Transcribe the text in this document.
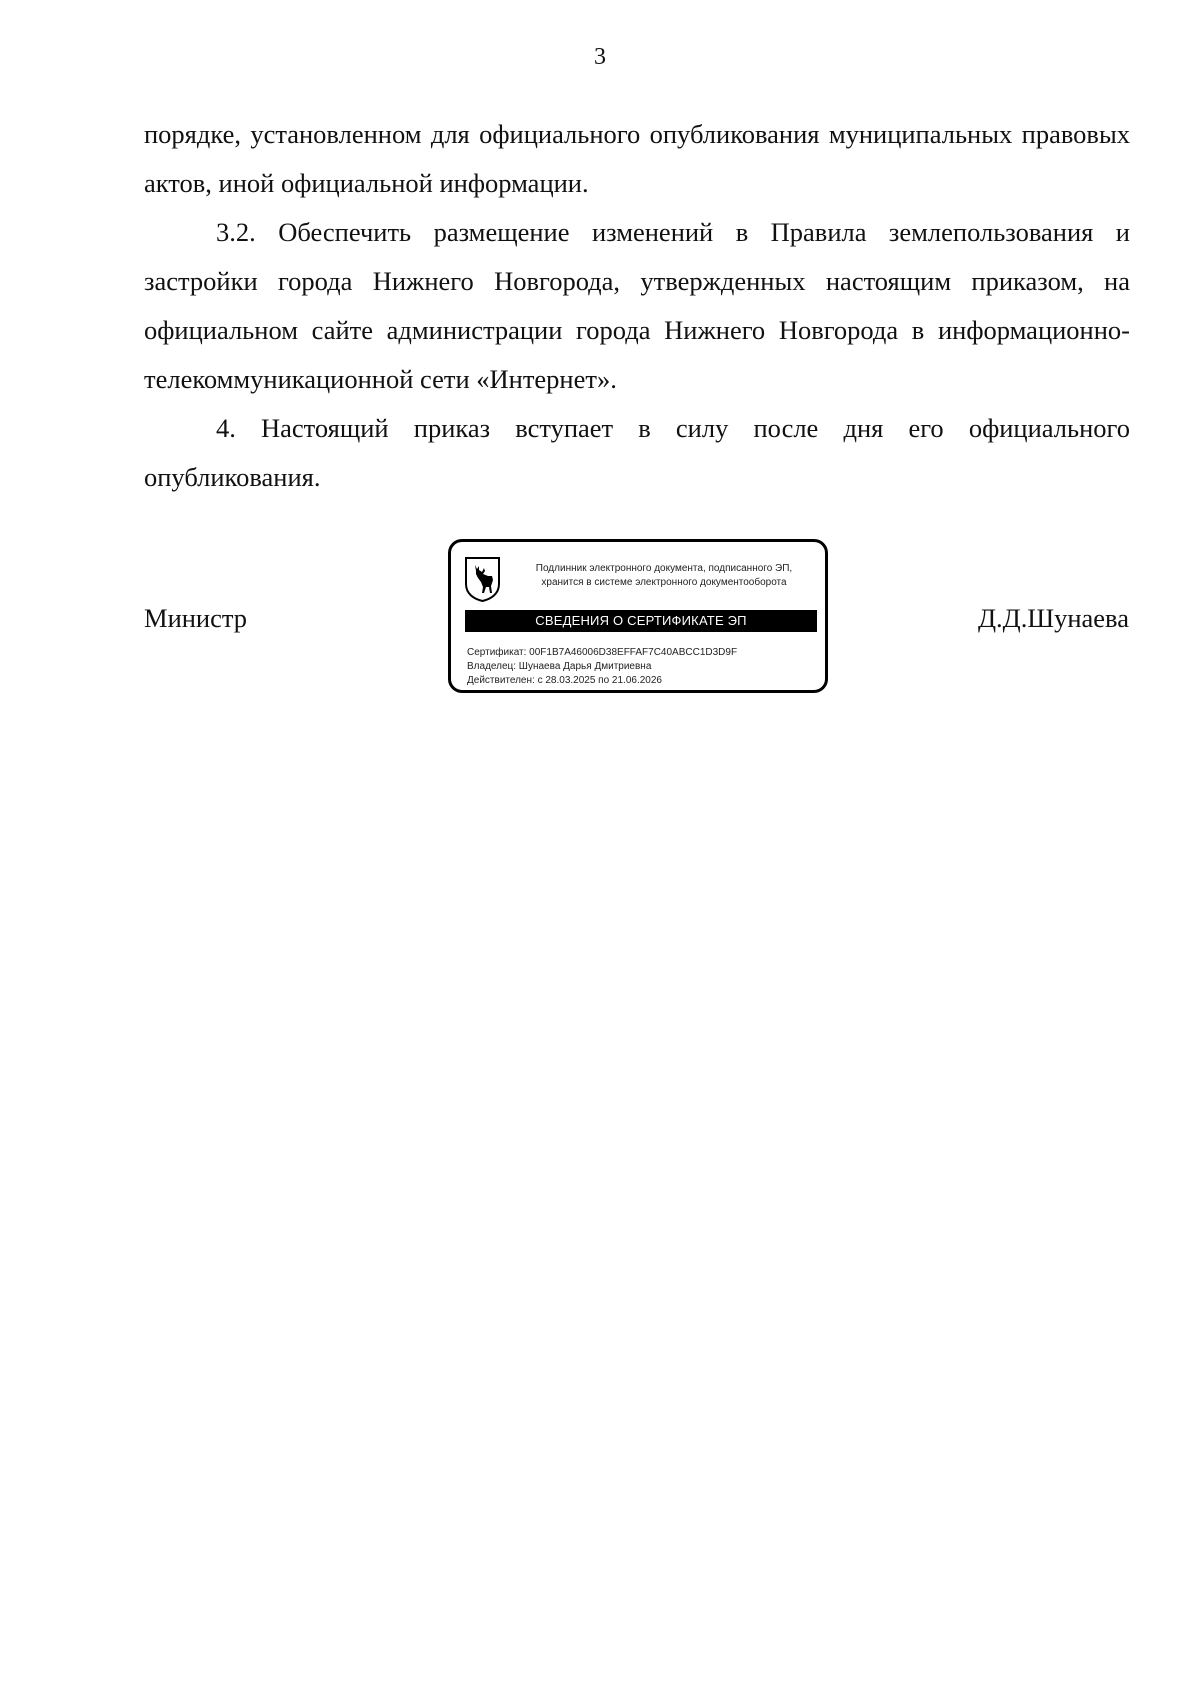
3

порядке, установленном для официального опубликования муниципальных правовых актов, иной официальной информации.

3.2. Обеспечить размещение изменений в Правила землепользования и застройки города Нижнего Новгорода, утвержденных настоящим приказом, на официальном сайте администрации города Нижнего Новгорода в информационно-телекоммуникационной сети «Интернет».

4. Настоящий приказ вступает в силу после дня его официального опубликования.

Министр
Подлинник электронного документа, подписанного ЭП,
хранится в системе электронного документооборота
СВЕДЕНИЯ О СЕРТИФИКАТЕ ЭП
Сертификат: 00F1B7A46006D38EFFAF7C40ABCC1D3D9F
Владелец: Шунаева Дарья Дмитриевна
Действителен: с 28.03.2025 по 21.06.2026
Д.Д.Шунаева
